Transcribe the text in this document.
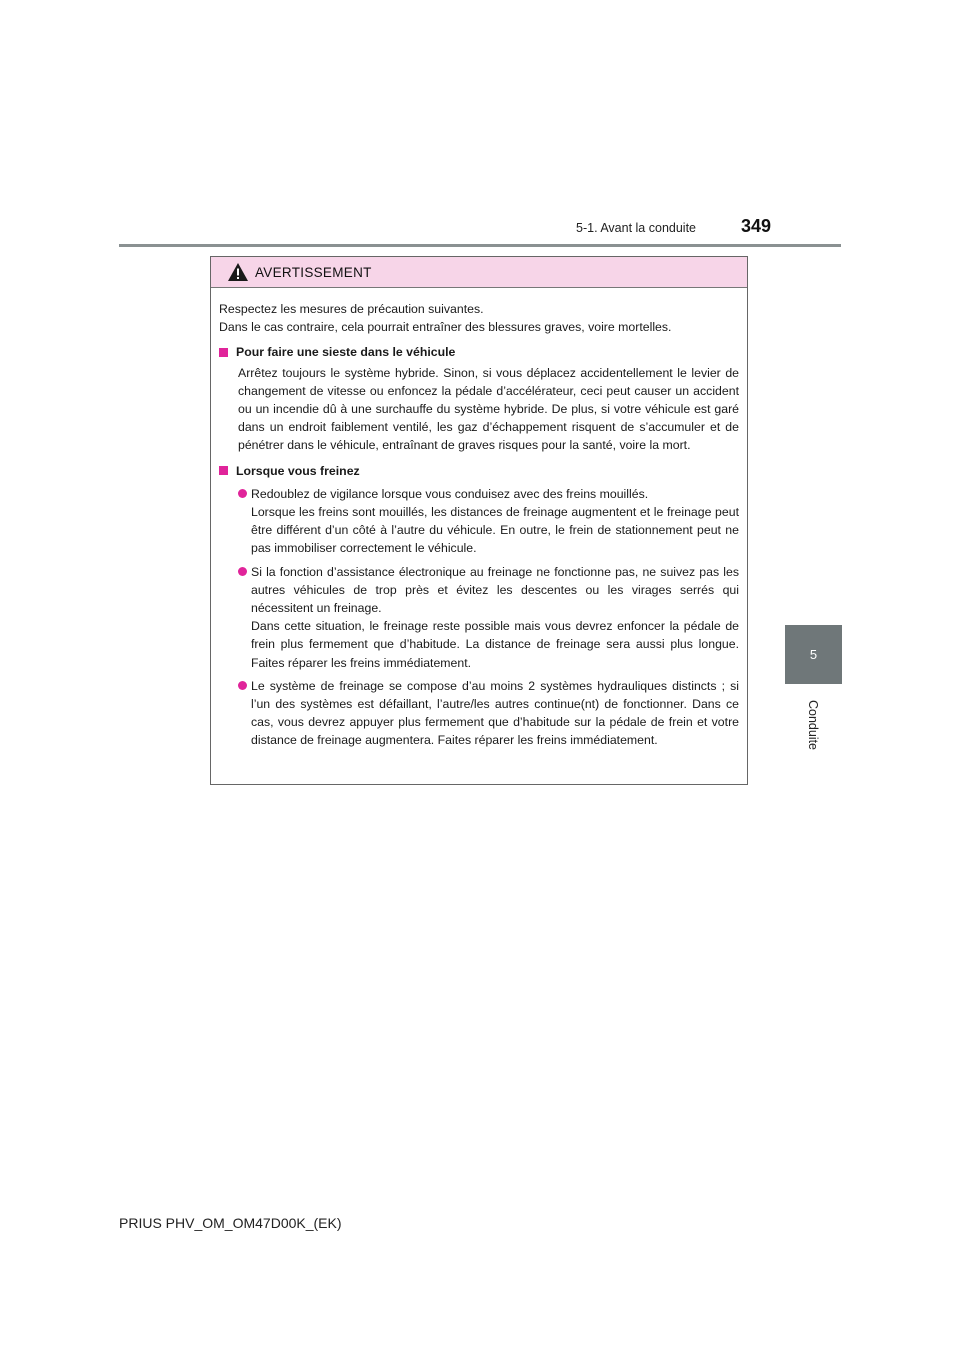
5-1. Avant la conduite	349
5
Conduite
AVERTISSEMENT

Respectez les mesures de précaution suivantes.

Dans le cas contraire, cela pourrait entraîner des blessures graves, voire mortelles.

Pour faire une sieste dans le véhicule

Arrêtez toujours le système hybride. Sinon, si vous déplacez accidentellement le levier de changement de vitesse ou enfoncez la pédale d’accélérateur, ceci peut causer un accident ou un incendie dû à une surchauffe du système hybride. De plus, si votre véhicule est garé dans un endroit faiblement ventilé, les gaz d’échappement risquent de s’accumuler et de pénétrer dans le véhicule, entraînant de graves risques pour la santé, voire la mort.

Lorsque vous freinez

Redoublez de vigilance lorsque vous conduisez avec des freins mouillés.

Lorsque les freins sont mouillés, les distances de freinage augmentent et le freinage peut être différent d’un côté à l’autre du véhicule. En outre, le frein de stationnement peut ne pas immobiliser correctement le véhicule.

Si la fonction d’assistance électronique au freinage ne fonctionne pas, ne suivez pas les autres véhicules de trop près et évitez les descentes ou les virages serrés qui nécessitent un freinage.

Dans cette situation, le freinage reste possible mais vous devrez enfoncer la pédale de frein plus fermement que d’habitude. La distance de freinage sera aussi plus longue. Faites réparer les freins immédiatement.

Le système de freinage se compose d’au moins 2 systèmes hydrauliques distincts ; si l’un des systèmes est défaillant, l’autre/les autres continue(nt) de fonctionner. Dans ce cas, vous devrez appuyer plus fermement que d’habitude sur la pédale de frein et votre distance de freinage augmentera. Faites réparer les freins immédiatement.

PRIUS PHV_OM_OM47D00K_(EK)
